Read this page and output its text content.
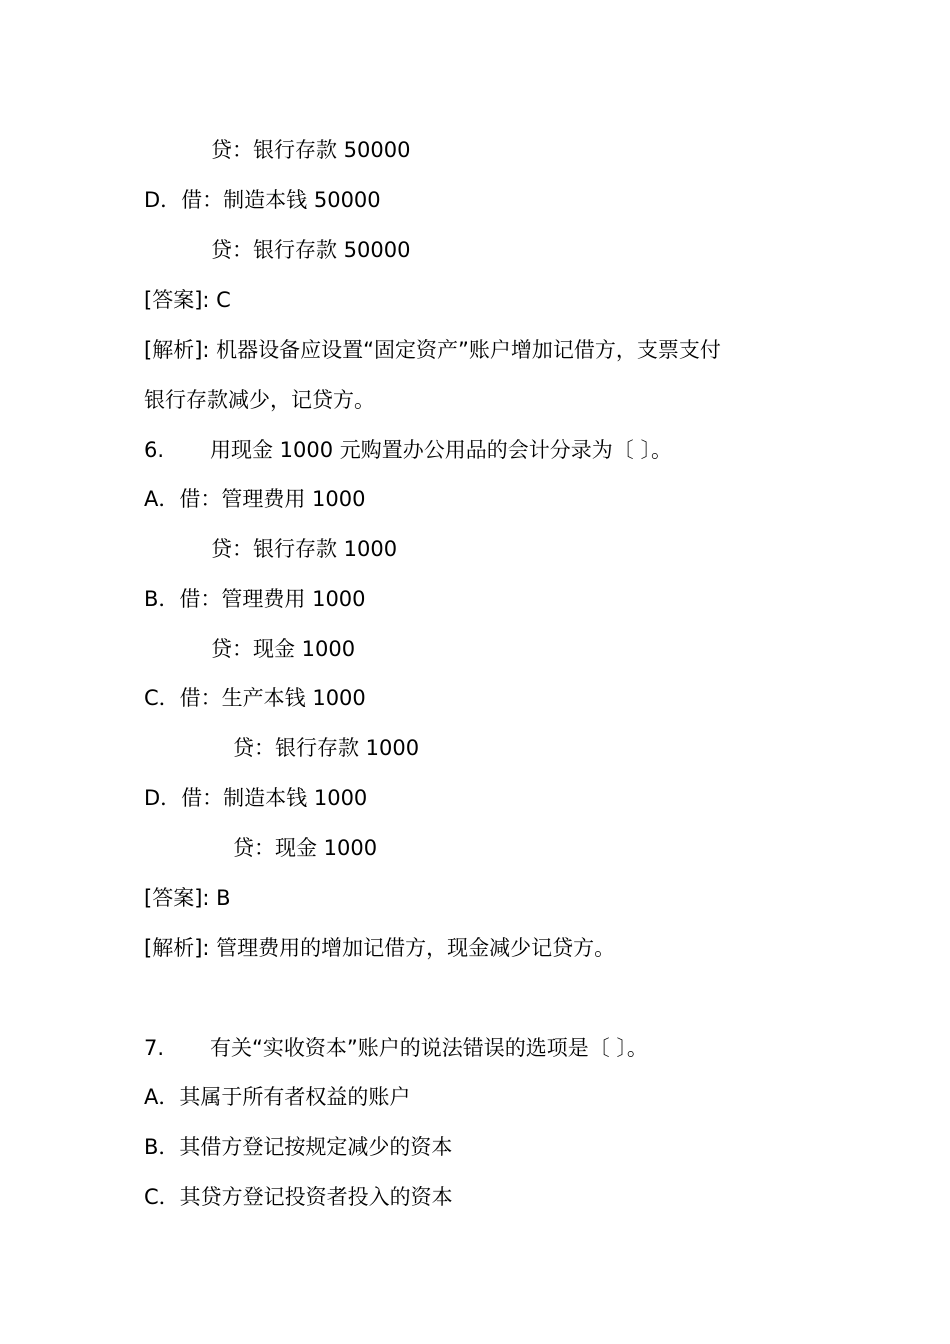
贷：银行存款 50000
D．借：制造本钱 50000
贷：银行存款 50000
[答案]: C
[解析]: 机器设备应设置“固定资产”账户增加记借方，支票支付
银行存款减少，记贷方。
6. 用现金 1000 元购置办公用品的会计分录为〔 〕。
A．借：管理费用 1000
贷：银行存款 1000
B．借：管理费用 1000
贷：现金 1000
C．借：生产本钱 1000
贷：银行存款 1000
D．借：制造本钱 1000
贷：现金 1000
[答案]: B
[解析]: 管理费用的增加记借方，现金减少记贷方。
7. 有关“实收资本”账户的说法错误的选项是〔 〕。
A．其属于所有者权益的账户
B．其借方登记按规定减少的资本
C．其贷方登记投资者投入的资本
